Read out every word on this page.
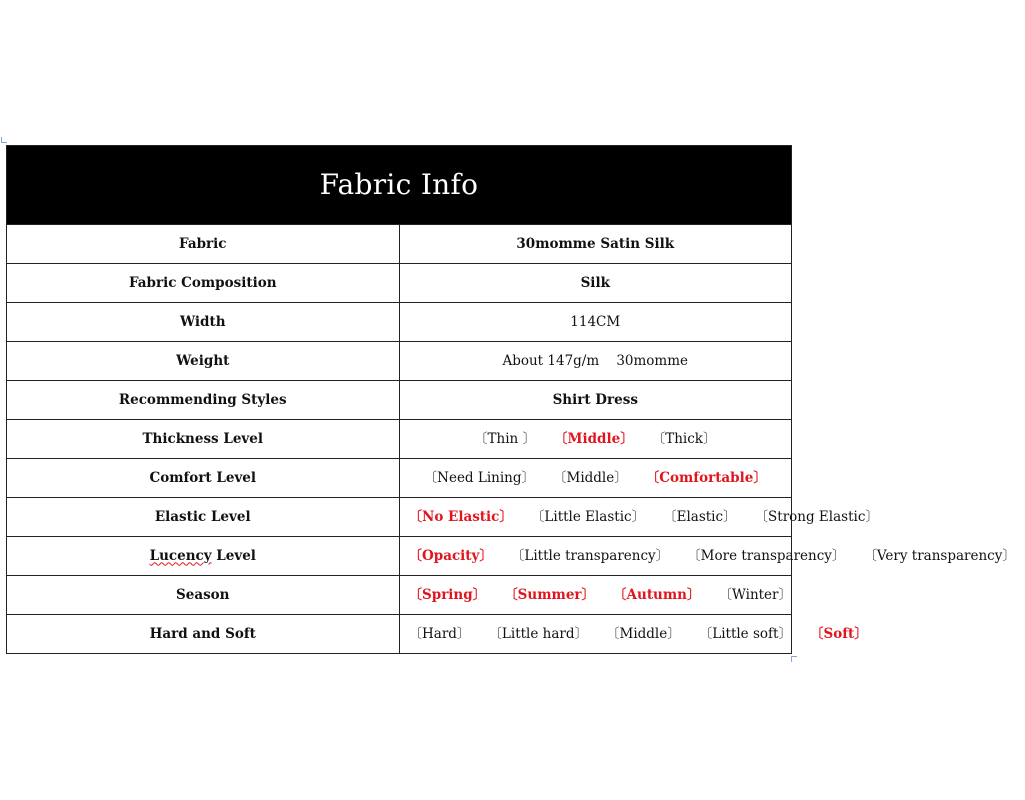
Fabric Info	
Fabric	30momme Satin Silk
Fabric Composition	Silk
Width	114CM
Weight	About 147g/m    30momme
Recommending Styles	Shirt Dress
Thickness Level	〔Thin 〕 〔Middle〕 〔Thick〕
Comfort Level	〔Need Lining〕 〔Middle〕 〔Comfortable〕
Elastic Level	〔No Elastic〕 〔Little Elastic〕 〔Elastic〕 〔Strong Elastic〕
Lucency Level	〔Opacity〕 〔Little transparency〕 〔More transparency〕 〔Very transparency〕
Season	〔Spring〕 〔Summer〕 〔Autumn〕 〔Winter〕
Hard and Soft	〔Hard〕 〔Little hard〕 〔Middle〕 〔Little soft〕 〔Soft〕
